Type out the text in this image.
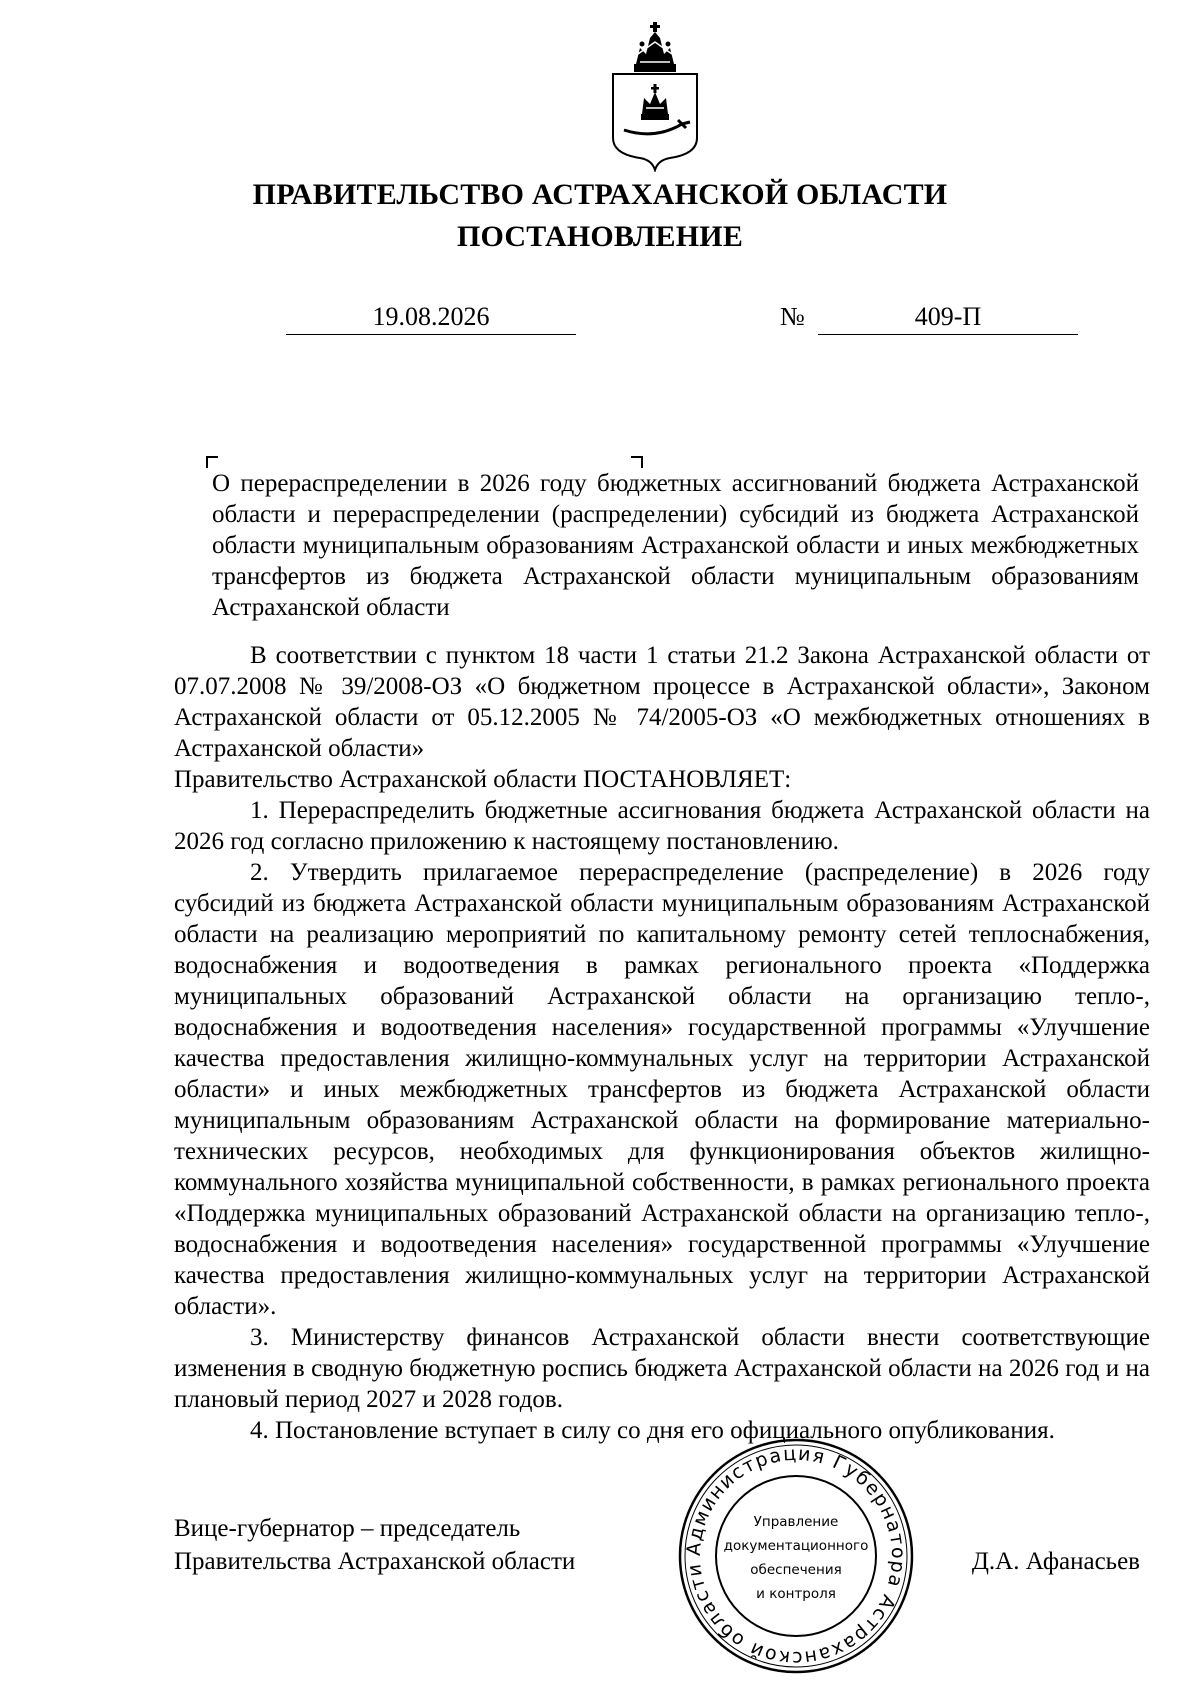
ПРАВИТЕЛЬСТВО АСТРАХАНСКОЙ ОБЛАСТИ
ПОСТАНОВЛЕНИЕ
19.08.2026	№	409-П
О перераспределении в 2026 году бюджетных ассигнований бюджета Астраханской области и перераспределении (распределении) субсидий из бюджета Астраханской области муниципальным образованиям Астраханской области и иных межбюджетных трансфертов из бюджета Астраханской области муниципальным образованиям Астраханской области

В соответствии с пунктом 18 части 1 статьи 21.2 Закона Астраханской области от 07.07.2008 № 39/2008-ОЗ «О бюджетном процессе в Астраханской области», Законом Астраханской области от 05.12.2005 № 74/2005-ОЗ «О межбюджетных отношениях в Астраханской области»

Правительство Астраханской области ПОСТАНОВЛЯЕТ:

1. Перераспределить бюджетные ассигнования бюджета Астраханской области на 2026 год согласно приложению к настоящему постановлению.

2. Утвердить прилагаемое перераспределение (распределение) в 2026 году субсидий из бюджета Астраханской области муниципальным образованиям Астраханской области на реализацию мероприятий по капитальному ремонту сетей теплоснабжения, водоснабжения и водоотведения в рамках регионального проекта «Поддержка муниципальных образований Астраханской области на организацию тепло-, водоснабжения и водоотведения населения» государственной программы «Улучшение качества предоставления жилищно-коммунальных услуг на территории Астраханской области» и иных межбюджетных трансфертов из бюджета Астраханской области муниципальным образованиям Астраханской области на формирование материально-технических ресурсов, необходимых для функционирования объектов жилищно-коммунального хозяйства муниципальной собственности, в рамках регионального проекта «Поддержка муниципальных образований Астраханской области на организацию тепло-, водоснабжения и водоотведения населения» государственной программы «Улучшение качества предоставления жилищно-коммунальных услуг на территории Астраханской области».

3. Министерству финансов Астраханской области внести соответствующие изменения в сводную бюджетную роспись бюджета Астраханской области на 2026 год и на плановый период 2027 и 2028 годов.

4. Постановление вступает в силу со дня его официального опубликования.

Вице-губернатор – председатель
Правительства Астраханской области	Д.А. Афанасьев
Администрация Губернатора Астраханской области
Управление
документационного
обеспечения
и контроля
